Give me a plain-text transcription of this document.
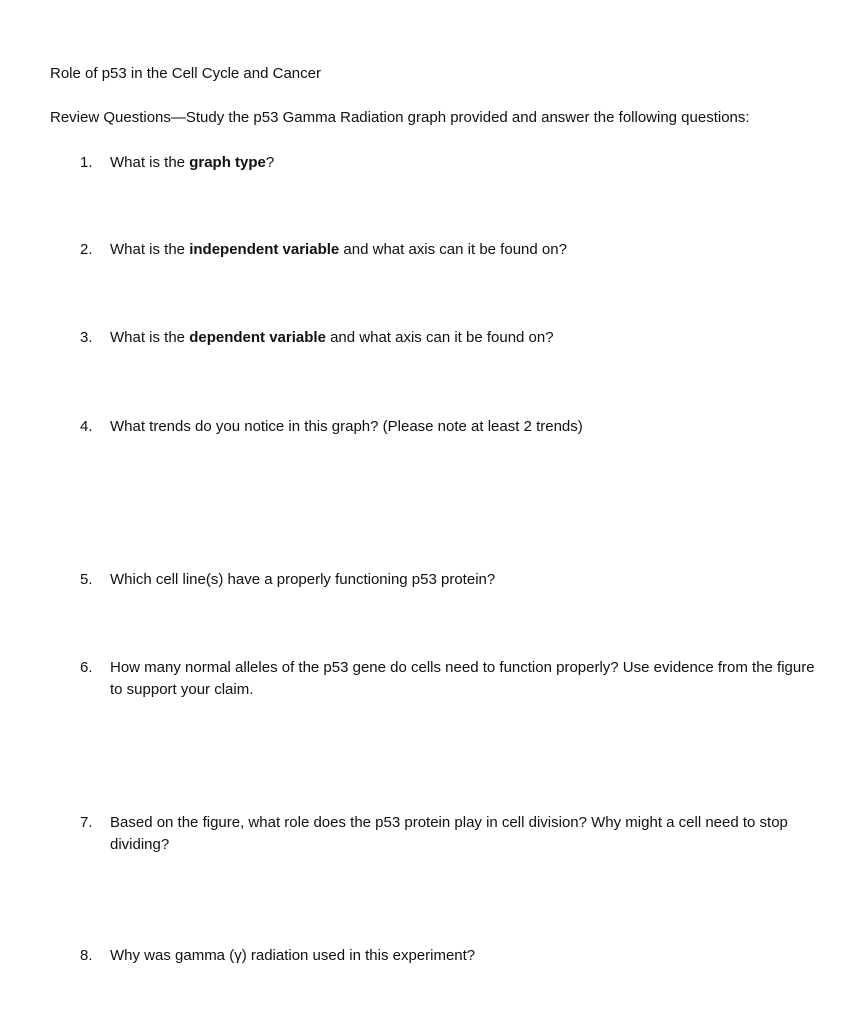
Role of p53 in the Cell Cycle and Cancer
Review Questions—Study the p53 Gamma Radiation graph provided and answer the following questions:
1. What is the graph type?
2. What is the independent variable and what axis can it be found on?
3. What is the dependent variable and what axis can it be found on?
4. What trends do you notice in this graph? (Please note at least 2 trends)
5. Which cell line(s) have a properly functioning p53 protein?
6. How many normal alleles of the p53 gene do cells need to function properly? Use evidence from the figure to support your claim.
7. Based on the figure, what role does the p53 protein play in cell division? Why might a cell need to stop dividing?
8. Why was gamma (γ) radiation used in this experiment?
